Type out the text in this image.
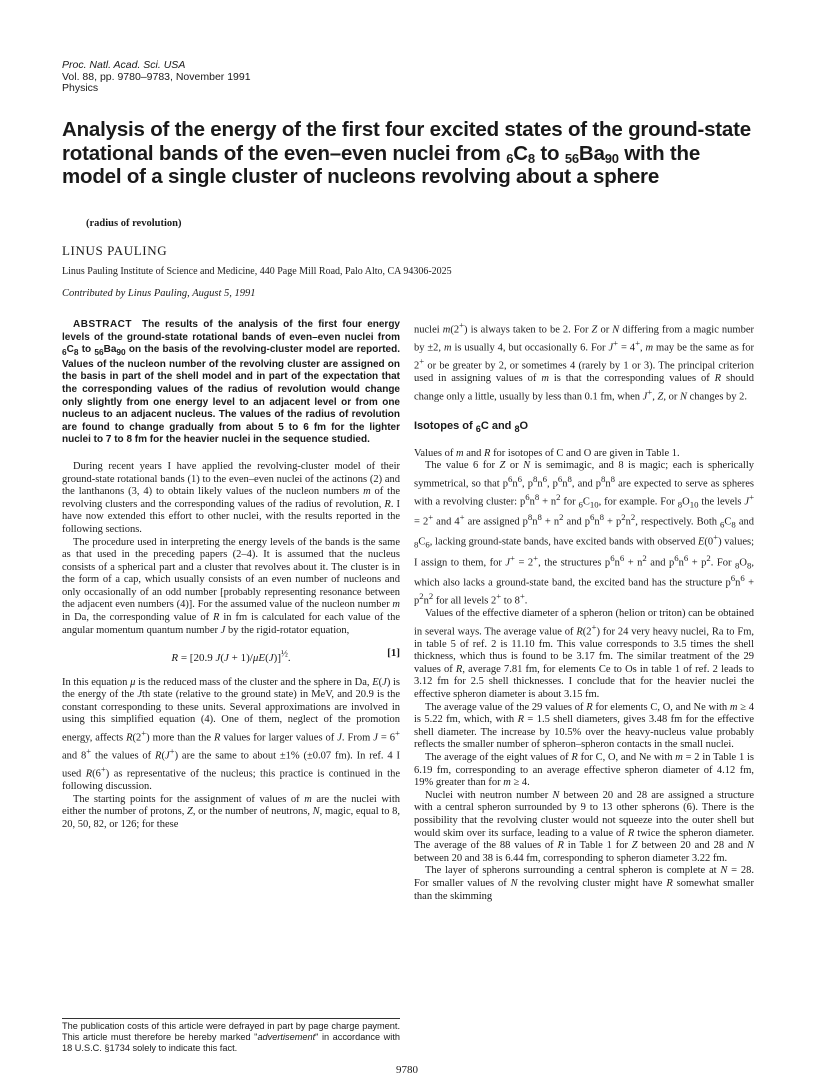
Proc. Natl. Acad. Sci. USA
Vol. 88, pp. 9780–9783, November 1991
Physics
Analysis of the energy of the first four excited states of the ground-state rotational bands of the even–even nuclei from $_6C_8$ to $_{56}Ba_{90}$ with the model of a single cluster of nucleons revolving about a sphere
(radius of revolution)
LINUS PAULING
Linus Pauling Institute of Science and Medicine, 440 Page Mill Road, Palo Alto, CA 94306-2025
Contributed by Linus Pauling, August 5, 1991

ABSTRACT The results of the analysis of the first four energy levels of the ground-state rotational bands of even–even nuclei from $_6C_8$ to $_{56}Ba_{90}$ on the basis of the revolving-cluster model are reported. Values of the nucleon number of the revolving cluster are assigned on the basis in part of the shell model and in part of the expectation that the corresponding values of the radius of revolution would change only slightly from one energy level to an adjacent level or from one nucleus to an adjacent nucleus. The values of the radius of revolution are found to change gradually from about 5 to 6 fm for the lighter nuclei to 7 to 8 fm for the heavier nuclei in the sequence studied.

During recent years I have applied the revolving-cluster model of their ground-state rotational bands (1) to the even–even nuclei of the actinons (2) and the lanthanons (3, 4) to obtain likely values of the nucleon numbers m of the revolving clusters and the corresponding values of the radius of revolution, R. I have now extended this effort to other nuclei, with the results reported in the following sections.

The procedure used in interpreting the energy levels of the bands is the same as that used in the preceding papers (2–4). It is assumed that the nucleus consists of a spherical part and a cluster that revolves about it. The cluster is in the form of a cap, which usually consists of an even number of nucleons and only occasionally of an odd number [probably representing resonance between the adjacent even numbers (4)]. For the assumed value of the nucleon number m in Da, the corresponding value of R in fm is calculated for each value of the angular momentum quantum number J by the rigid-rotator equation,

R = [20.9 J(J + 1)/μE(J)]$^{\frac{1}{2}}$.	[1]

In this equation μ is the reduced mass of the cluster and the sphere in Da, E(J) is the energy of the Jth state (relative to the ground state) in MeV, and 20.9 is the constant corresponding to these units. Several approximations are involved in using this simplified equation (4). One of them, neglect of the promotion energy, affects R(2+) more than the R values for larger values of J. From J = 6+ and 8+ the values of R(J+) are the same to about ±1% (±0.07 fm). In ref. 4 I used R(6+) as representative of the nucleus; this practice is continued in the following discussion.

The starting points for the assignment of values of m are the nuclei with either the number of protons, Z, or the number of neutrons, N, magic, equal to 8, 20, 50, 82, or 126; for these

nuclei m(2+) is always taken to be 2. For Z or N differing from a magic number by ±2, m is usually 4, but occasionally 6. For J+ = 4+, m may be the same as for 2+ or be greater by 2, or sometimes 4 (rarely by 1 or 3). The principal criterion used in assigning values of m is that the corresponding values of R should change only a little, usually by less than 0.1 fm, when J+, Z, or N changes by 2.

Isotopes of $_6$C and $_8$O

Values of m and R for isotopes of C and O are given in Table 1.

The value 6 for Z or N is semimagic, and 8 is magic; each is spherically symmetrical, so that $p^6n^6$, $p^8n^6$, $p^6n^8$, and $p^8n^8$ are expected to serve as spheres with a revolving cluster: $p^6n^8 + n^2$ for $_6C_{10}$, for example. For $_8O_{10}$ the levels J+ = 2+ and 4+ are assigned $p^8n^8 + n^2$ and $p^6n^8 + p^2n^2$, respectively. Both $_6C_8$ and $_8C_6$, lacking ground-state bands, have excited bands with observed E(0+) values; I assign to them, for J+ = 2+, the structures $p^6n^6 + n^2$ and $p^6n^6 + p^2$. For $_8O_8$, which also lacks a ground-state band, the excited band has the structure $p^6n^6 + p^2n^2$ for all levels 2+ to 8+.

Values of the effective diameter of a spheron (helion or triton) can be obtained in several ways. The average value of R(2+) for 24 very heavy nuclei, Ra to Fm, in table 5 of ref. 2 is 11.10 fm. This value corresponds to 3.5 times the shell thickness, which thus is found to be 3.17 fm. The similar treatment of the 29 values of R, average 7.81 fm, for elements Ce to Os in table 1 of ref. 2 leads to 3.12 fm for 2.5 shell thicknesses. I conclude that for the heavier nuclei the effective spheron diameter is about 3.15 fm.

The average value of the 29 values of R for elements C, O, and Ne with m ≥ 4 is 5.22 fm, which, with R = 1.5 shell diameters, gives 3.48 fm for the effective shell diameter. The increase by 10.5% over the heavy-nucleus value probably reflects the smaller number of spheron–spheron contacts in the small nuclei.

The average of the eight values of R for C, O, and Ne with m = 2 in Table 1 is 6.19 fm, corresponding to an average effective spheron diameter of 4.12 fm, 19% greater than for m ≥ 4.

Nuclei with neutron number N between 20 and 28 are assigned a structure with a central spheron surrounded by 9 to 13 other spherons (6). There is the possibility that the revolving cluster would not squeeze into the outer shell but would skim over its surface, leading to a value of R twice the spheron diameter. The average of the 88 values of R in Table 1 for Z between 20 and 28 and N between 20 and 38 is 6.44 fm, corresponding to spheron diameter 3.22 fm.

The layer of spherons surrounding a central spheron is complete at N = 28. For smaller values of N the revolving cluster might have R somewhat smaller than the skimming

The publication costs of this article were defrayed in part by page charge payment. This article must therefore be hereby marked "advertisement" in accordance with 18 U.S.C. §1734 solely to indicate this fact.
9780
